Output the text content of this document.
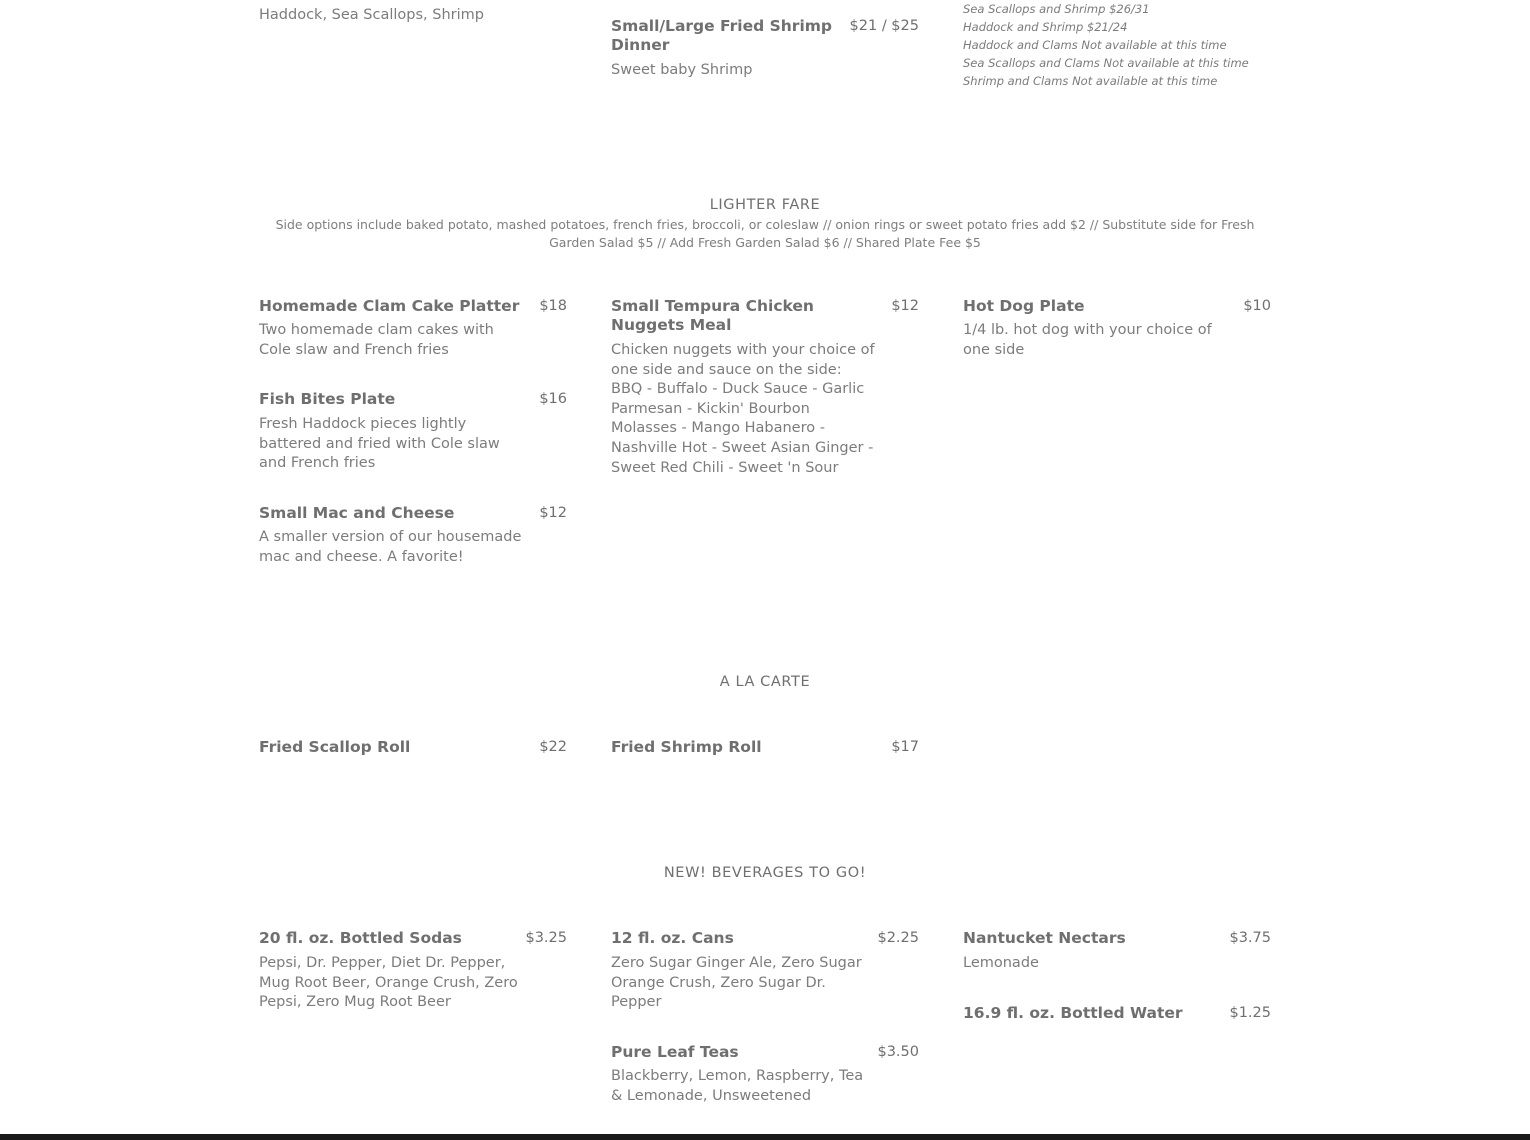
Haddock, Sea Scallops, Shrimp
Small/Large Fried Shrimp Dinner
$21 / $25
Sweet baby Shrimp
Sea Scallops and Shrimp $26/31
Haddock and Shrimp $21/24
Haddock and Clams Not available at this time
Sea Scallops and Clams Not available at this time
Shrimp and Clams Not available at this time
LIGHTER FARE
Side options include baked potato, mashed potatoes, french fries, broccoli, or coleslaw // onion rings or sweet potato fries add $2 // Substitute side for Fresh Garden Salad $5 // Add Fresh Garden Salad $6 // Shared Plate Fee $5
Homemade Clam Cake Platter $18
Two homemade clam cakes with Cole slaw and French fries
Fish Bites Plate	$16
Fresh Haddock pieces lightly battered and fried with Cole slaw and French fries
Small Mac and Cheese	$12
A smaller version of our housemade mac and cheese. A favorite!
Small Tempura Chicken Nuggets Meal
$12
Chicken nuggets with your choice of one side and sauce on the side: BBQ - Buffalo - Duck Sauce - Garlic Parmesan - Kickin' Bourbon Molasses - Mango Habanero - Nashville Hot - Sweet Asian Ginger - Sweet Red Chili - Sweet 'n Sour
Hot Dog Plate	$10
1/4 lb. hot dog with your choice of one side
A LA CARTE
Fried Scallop Roll	$22	Fried Shrimp Roll	$17
NEW! BEVERAGES TO GO!
20 fl. oz. Bottled Sodas	$3.25
Pepsi, Dr. Pepper, Diet Dr. Pepper, Mug Root Beer, Orange Crush, Zero Pepsi, Zero Mug Root Beer
12 fl. oz. Cans	$2.25
Zero Sugar Ginger Ale, Zero Sugar Orange Crush, Zero Sugar Dr. Pepper
Pure Leaf Teas	$3.50
Blackberry, Lemon, Raspberry, Tea & Lemonade, Unsweetened
Nantucket Nectars	$3.75
Lemonade
16.9 fl. oz. Bottled Water	$1.25
